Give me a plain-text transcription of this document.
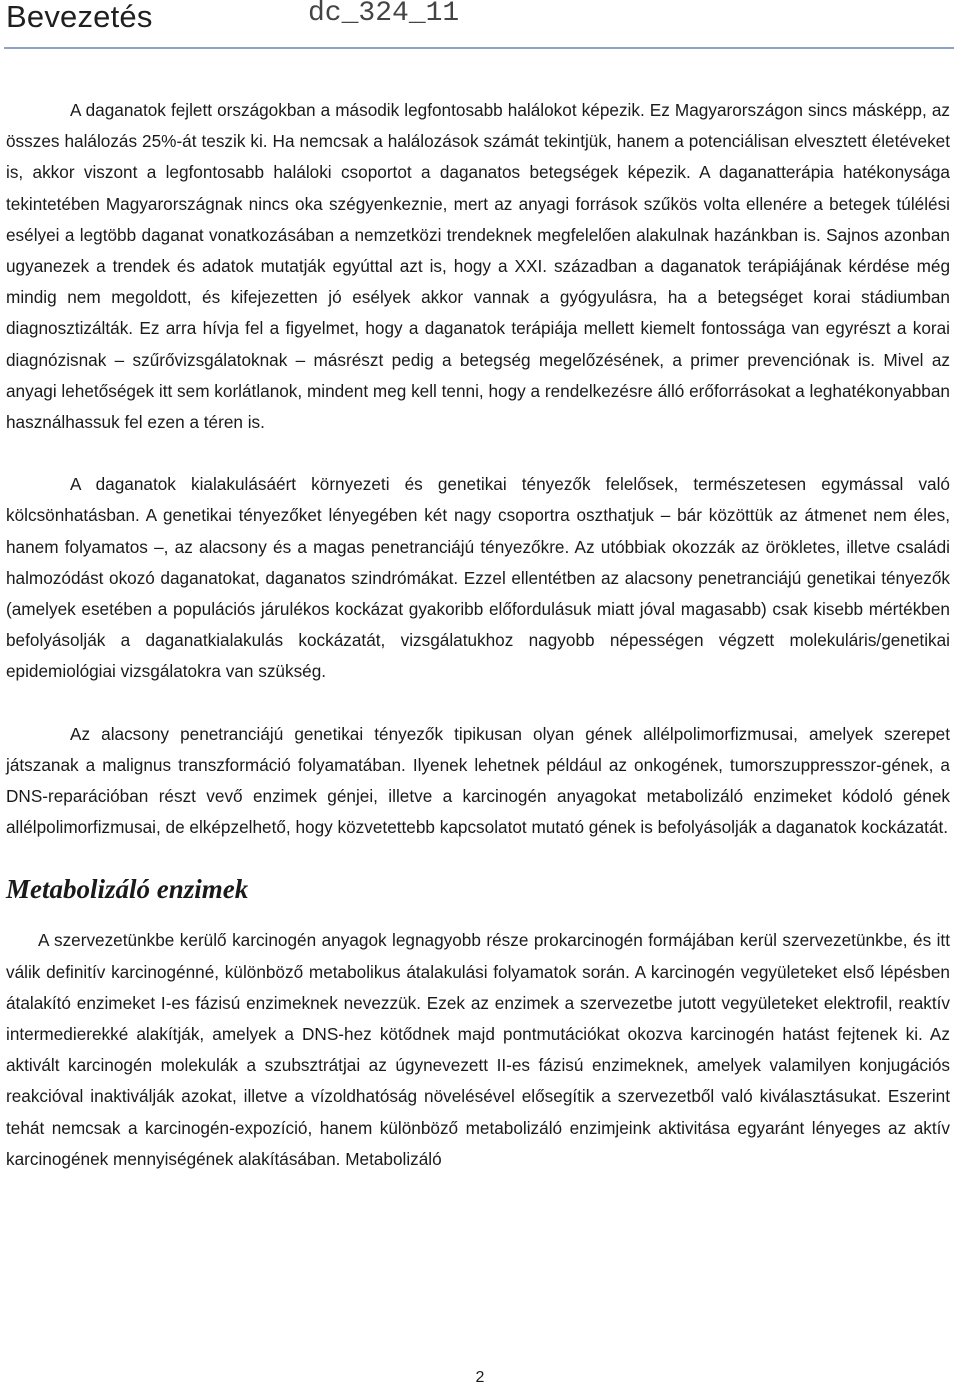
Bevezetés	dc_324_11

A daganatok fejlett országokban a második legfontosabb halálokot képezik. Ez Magyarországon sincs másképp, az összes halálozás 25%-át teszik ki. Ha nemcsak a halálozások számát tekintjük, hanem a potenciálisan elvesztett életéveket is, akkor viszont a legfontosabb haláloki csoportot a daganatos betegségek képezik. A daganatterápia hatékonysága tekintetében Magyarországnak nincs oka szégyenkeznie, mert az anyagi források szűkös volta ellenére a betegek túlélési esélyei a legtöbb daganat vonatkozásában a nemzetközi trendeknek megfelelően alakulnak hazánkban is. Sajnos azonban ugyanezek a trendek és adatok mutatják egyúttal azt is, hogy a XXI. században a daganatok terápiájának kérdése még mindig nem megoldott, és kifejezetten jó esélyek akkor vannak a gyógyulásra, ha a betegséget korai stádiumban diagnosztizálták. Ez arra hívja fel a figyelmet, hogy a daganatok terápiája mellett kiemelt fontossága van egyrészt a korai diagnózisnak – szűrővizsgálatoknak – másrészt pedig a betegség megelőzésének, a primer prevenciónak is. Mivel az anyagi lehetőségek itt sem korlátlanok, mindent meg kell tenni, hogy a rendelkezésre álló erőforrásokat a leghatékonyabban használhassuk fel ezen a téren is.

A daganatok kialakulásáért környezeti és genetikai tényezők felelősek, természetesen egymással való kölcsönhatásban. A genetikai tényezőket lényegében két nagy csoportra oszthatjuk – bár közöttük az átmenet nem éles, hanem folyamatos –, az alacsony és a magas penetranciájú tényezőkre. Az utóbbiak okozzák az örökletes, illetve családi halmozódást okozó daganatokat, daganatos szindrómákat. Ezzel ellentétben az alacsony penetranciájú genetikai tényezők (amelyek esetében a populációs járulékos kockázat gyakoribb előfordulásuk miatt jóval magasabb) csak kisebb mértékben befolyásolják a daganatkialakulás kockázatát, vizsgálatukhoz nagyobb népességen végzett molekuláris/genetikai epidemiológiai vizsgálatokra van szükség.

Az alacsony penetranciájú genetikai tényezők tipikusan olyan gének allélpolimorfizmusai, amelyek szerepet játszanak a malignus transzformáció folyamatában. Ilyenek lehetnek például az onkogének, tumorszuppresszor-gének, a DNS-reparációban részt vevő enzimek génjei, illetve a karcinogén anyagokat metabolizáló enzimeket kódoló gének allélpolimorfizmusai, de elképzelhető, hogy közvetettebb kapcsolatot mutató gének is befolyásolják a daganatok kockázatát.

Metabolizáló enzimek

A szervezetünkbe kerülő karcinogén anyagok legnagyobb része prokarcinogén formájában kerül szervezetünkbe, és itt válik definitív karcinogénné, különböző metabolikus átalakulási folyamatok során. A karcinogén vegyületeket első lépésben átalakító enzimeket I-es fázisú enzimeknek nevezzük. Ezek az enzimek a szervezetbe jutott vegyületeket elektrofil, reaktív intermedierekké alakítják, amelyek a DNS-hez kötődnek majd pontmutációkat okozva karcinogén hatást fejtenek ki. Az aktivált karcinogén molekulák a szubsztrátjai az úgynevezett II-es fázisú enzimeknek, amelyek valamilyen konjugációs reakcióval inaktiválják azokat, illetve a vízoldhatóság növelésével elősegítik a szervezetből való kiválasztásukat. Eszerint tehát nemcsak a karcinogén-expozíció, hanem különböző metabolizáló enzimjeink aktivitása egyaránt lényeges az aktív karcinogének mennyiségének alakításában. Metabolizáló

2
